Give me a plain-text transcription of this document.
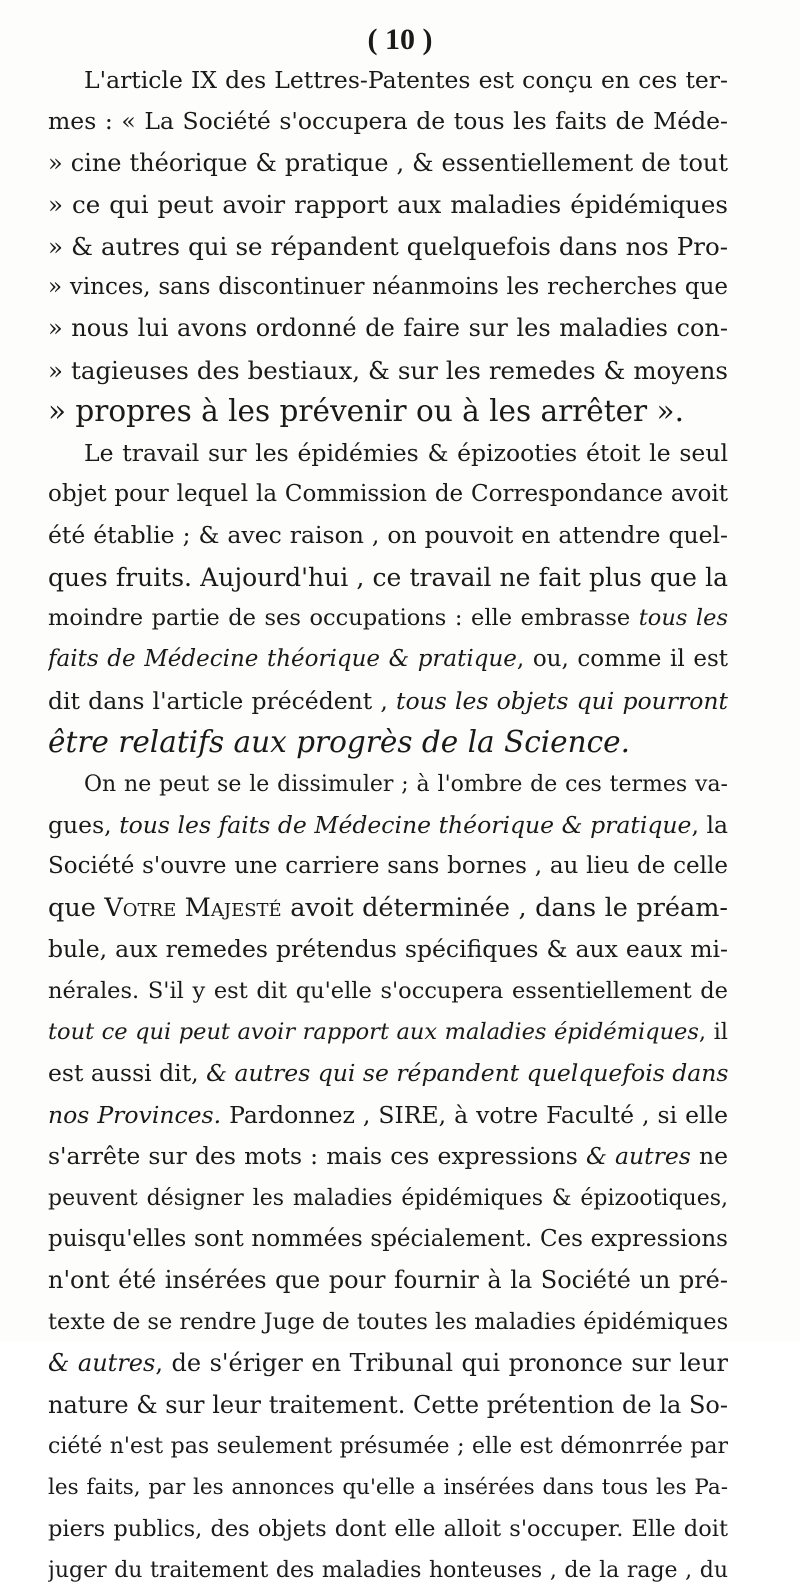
( 10 )
L'article IX des Lettres-Patentes est conçu en ces ter-
mes : « La Société s'occupera de tous les faits de Méde-
» cine théorique & pratique , & essentiellement de tout
» ce qui peut avoir rapport aux maladies épidémiques
» & autres qui se répandent quelquefois dans nos Pro-
» vinces, sans discontinuer néanmoins les recherches que
» nous lui avons ordonné de faire sur les maladies con-
» tagieuses des bestiaux, & sur les remedes & moyens
» propres à les prévenir ou à les arrêter ».
Le travail sur les épidémies & épizooties étoit le seul
objet pour lequel la Commission de Correspondance avoit
été établie ; & avec raison , on pouvoit en attendre quel-
ques fruits. Aujourd'hui , ce travail ne fait plus que la
moindre partie de ses occupations : elle embrasse tous les
faits de Médecine théorique & pratique, ou, comme il est
dit dans l'article précédent , tous les objets qui pourront
être relatifs aux progrès de la Science.
On ne peut se le dissimuler ; à l'ombre de ces termes va-
gues, tous les faits de Médecine théorique & pratique, la
Société s'ouvre une carriere sans bornes , au lieu de celle
que Votre Majesté avoit déterminée , dans le préam-
bule, aux remedes prétendus spécifiques & aux eaux mi-
nérales. S'il y est dit qu'elle s'occupera essentiellement de
tout ce qui peut avoir rapport aux maladies épidémiques, il
est aussi dit, & autres qui se répandent quelquefois dans
nos Provinces. Pardonnez , SIRE, à votre Faculté , si elle
s'arrête sur des mots : mais ces expressions & autres ne
peuvent désigner les maladies épidémiques & épizootiques,
puisqu'elles sont nommées spécialement. Ces expressions
n'ont été insérées que pour fournir à la Société un pré-
texte de se rendre Juge de toutes les maladies épidémiques
& autres, de s'ériger en Tribunal qui prononce sur leur
nature & sur leur traitement. Cette prétention de la So-
ciété n'est pas seulement présumée ; elle est démonrrée par
les faits, par les annonces qu'elle a insérées dans tous les Pa-
piers publics, des objets dont elle alloit s'occuper. Elle doit
juger du traitement des maladies honteuses , de la rage , du
